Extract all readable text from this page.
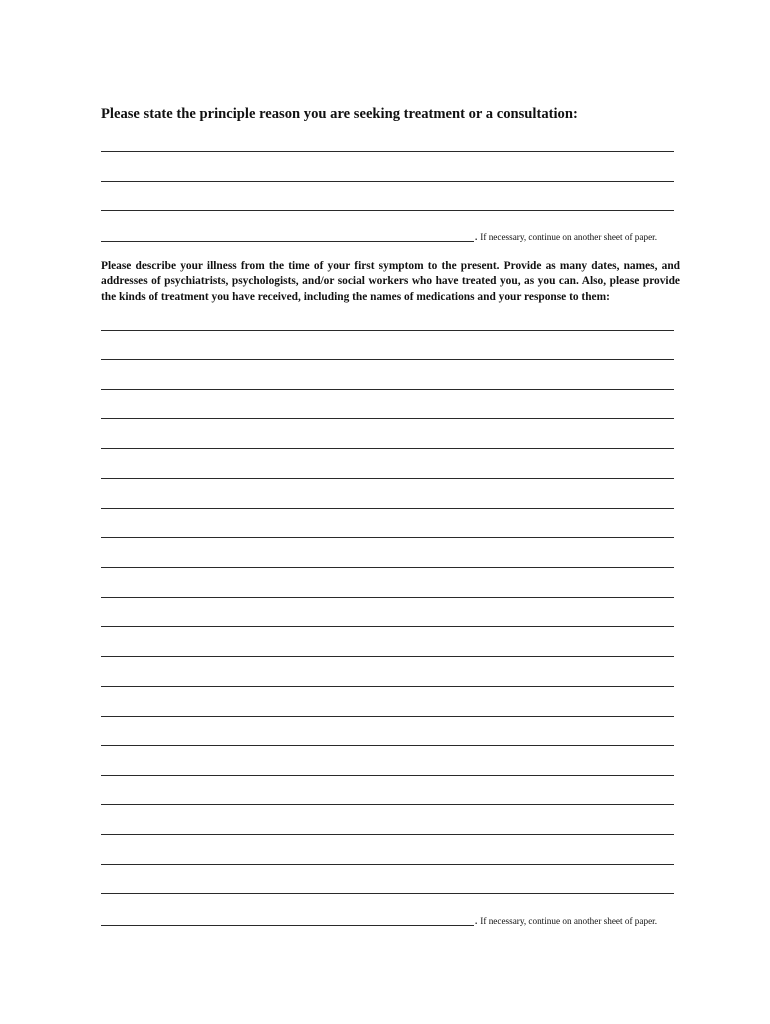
Please state the principle reason you are seeking treatment or a consultation:
. If necessary, continue on another sheet of paper.
Please describe your illness from the time of your first symptom to the present. Provide as many dates, names, and addresses of psychiatrists, psychologists, and/or social workers who have treated you, as you can. Also, please provide the kinds of treatment you have received, including the names of medications and your response to them:
. If necessary, continue on another sheet of paper.
